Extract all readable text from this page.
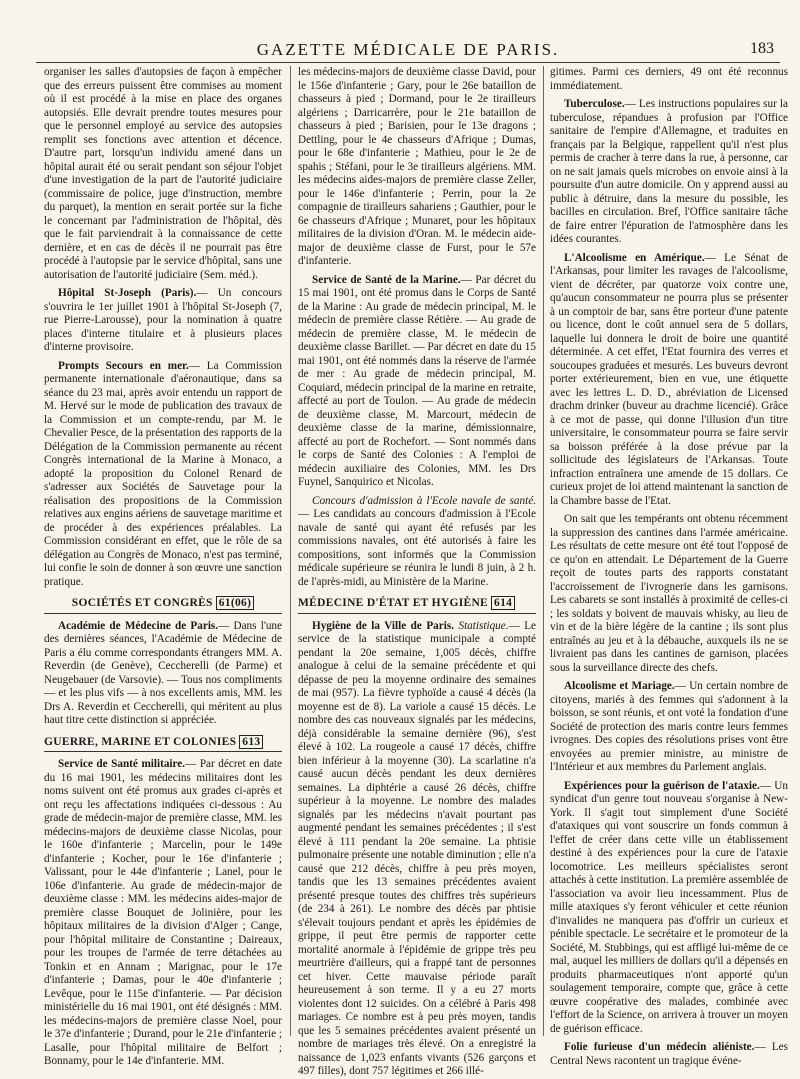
GAZETTE MÉDICALE DE PARIS.	183

organiser les salles d'autopsies de façon à empêcher que des erreurs puissent être commises au moment où il est procédé à la mise en place des organes autopsiés. Elle devrait prendre toutes mesures pour que le personnel employé au service des autopsies remplit ses fonctions avec attention et décence. D'autre part, lorsqu'un individu amené dans un hôpital aurait été ou serait pendant son séjour l'objet d'une investigation de la part de l'autorité judiciaire (commissaire de police, juge d'instruction, membre du parquet), la mention en serait portée sur la fiche le concernant par l'administration de l'hôpital, dès que le fait parviendrait à la connaissance de cette dernière, et en cas de décès il ne pourrait pas être procédé à l'autopsie par le service d'hôpital, sans une autorisation de l'autorité judiciaire (Sem. méd.).

Hôpital St-Joseph (Paris).— Un concours s'ouvrira le 1er juillet 1901 à l'hôpital St-Joseph (7, rue Pierre-Larousse), pour la nomination à quatre places d'interne titulaire et à plusieurs places d'interne provisoire.

Prompts Secours en mer.— La Commission permanente internationale d'aéronautique, dans sa séance du 23 mai, après avoir entendu un rapport de M. Hervé sur le mode de publication des travaux de la Commission et un compte-rendu, par M. le Chevalier Pesce, de la présentation des rapports de la Délégation de la Commission permanente au récent Congrès international de la Marine à Monaco, a adopté la proposition du Colonel Renard de s'adresser aux Sociétés de Sauvetage pour la réalisation des propositions de la Commission relatives aux engins aériens de sauvetage maritime et de procéder à des expériences préalables. La Commission considérant en effet, que le rôle de sa délégation au Congrès de Monaco, n'est pas terminé, lui confie le soin de donner à son œuvre une sanction pratique.

SOCIÉTÉS ET CONGRÈS 61(06)

Académie de Médecine de Paris.— Dans l'une des dernières séances, l'Académie de Médecine de Paris a élu comme correspondants étrangers MM. A. Reverdin (de Genève), Ceccherelli (de Parme) et Neugebauer (de Varsovie). — Tous nos compliments — et les plus vifs — à nos excellents amis, MM. les Drs A. Reverdin et Ceccherelli, qui méritent au plus haut titre cette distinction si appréciée.

GUERRE, MARINE ET COLONIES 613

Service de Santé militaire.— Par décret en date du 16 mai 1901, les médecins militaires dont les noms suivent ont été promus aux grades ci-après et ont reçu les affectations indiquées ci-dessous : Au grade de médecin-major de première classe, MM. les médecins-majors de deuxième classe Nicolas, pour le 160e d'infanterie ; Marcelin, pour le 149e d'infanterie ; Kocher, pour le 16e d'infanterie ; Valissant, pour le 44e d'infanterie ; Lanel, pour le 106e d'infanterie. Au grade de médecin-major de deuxième classe : MM. les médecins aides-major de première classe Bouquet de Jolinière, pour les hôpitaux militaires de la division d'Alger ; Cange, pour l'hôpital militaire de Constantine ; Daireaux, pour les troupes de l'armée de terre détachées au Tonkin et en Annam ; Marignac, pour le 17e d'infanterie ; Damas, pour le 40e d'infanterie ; Levêque, pour le 115e d'infanterie. — Par décision ministérielle du 16 mai 1901, ont été désignés : MM. les médecins-majors de première classe Noel, pour le 37e d'infanterie ; Durand, pour le 21e d'infanterie ; Lasalle, pour l'hôpital militaire de Belfort ; Bonnamy, pour le 14e d'infanterie. MM.

les médecins-majors de deuxième classe David, pour le 156e d'infanterie ; Gary, pour le 26e bataillon de chasseurs à pied ; Dormand, pour le 2e tirailleurs algériens ; Darricarrère, pour le 21e bataillon de chasseurs à pied ; Barisien, pour le 13e dragons ; Dettling, pour le 4e chasseurs d'Afrique ; Dumas, pour le 68e d'infanterie ; Mathieu, pour le 2e de spahis ; Stéfani, pour le 3e tirailleurs algériens. MM. les médecins aides-majors de première classe Zeller, pour le 146e d'infanterie ; Perrin, pour la 2e compagnie de tirailleurs sahariens ; Gauthier, pour le 6e chasseurs d'Afrique ; Munaret, pour les hôpitaux militaires de la division d'Oran. M. le médecin aide-major de deuxième classe de Furst, pour le 57e d'infanterie.

Service de Santé de la Marine.— Par décret du 15 mai 1901, ont été promus dans le Corps de Santé de la Marine : Au grade de médecin principal, M. le médecin de première classe Rétière. — Au grade de médecin de première classe, M. le médecin de deuxième classe Barillet. — Par décret en date du 15 mai 1901, ont été nommés dans la réserve de l'armée de mer : Au grade de médecin principal, M. Coquiard, médecin principal de la marine en retraite, affecté au port de Toulon. — Au grade de médecin de deuxième classe, M. Marcourt, médecin de deuxième classe de la marine, démissionnaire, affecté au port de Rochefort. — Sont nommés dans le corps de Santé des Colonies : A l'emploi de médecin auxiliaire des Colonies, MM. les Drs Fuynel, Sanquirico et Nicolas.

Concours d'admission à l'Ecole navale de santé.— Les candidats au concours d'admission à l'Ecole navale de santé qui ayant été refusés par les commissions navales, ont été autorisés à faire les compositions, sont informés que la Commission médicale supérieure se réunira le lundi 8 juin, à 2 h. de l'après-midi, au Ministère de la Marine.

MÉDECINE D'ÉTAT ET HYGIÈNE 614

Hygiène de la Ville de Paris. Statistique.— Le service de la statistique municipale a compté pendant la 20e semaine, 1,005 décès, chiffre analogue à celui de la semaine précédente et qui dépasse de peu la moyenne ordinaire des semaines de mai (957). La fièvre typhoïde a causé 4 décès (la moyenne est de 8). La variole a causé 15 décès. Le nombre des cas nouveaux signalés par les médecins, déjà considérable la semaine dernière (96), s'est élevé à 102. La rougeole a causé 17 décès, chiffre bien inférieur à la moyenne (30). La scarlatine n'a causé aucun décès pendant les deux dernières semaines. La diphtérie a causé 26 décès, chiffre supérieur à la moyenne. Le nombre des malades signalés par les médecins n'avait pourtant pas augmenté pendant les semaines précédentes ; il s'est élevé à 111 pendant la 20e semaine. La phtisie pulmonaire présente une notable diminution ; elle n'a causé que 212 décès, chiffre à peu près moyen, tandis que les 13 semaines précédentes avaient présenté presque toutes des chiffres très supérieurs (de 234 à 261). Le nombre des décès par phtisie s'élevait toujours pendant et après les épidémies de grippe, il peut être permis de rapporter cette mortalité anormale à l'épidémie de grippe très peu meurtrière d'ailleurs, qui a frappé tant de personnes cet hiver. Cette mauvaise période paraît heureusement à son terme. Il y a eu 27 morts violentes dont 12 suicides. On a célébré à Paris 498 mariages. Ce nombre est à peu près moyen, tandis que les 5 semaines précédentes avaient présenté un nombre de mariages très élevé. On a enregistré la naissance de 1,023 enfants vivants (526 garçons et 497 filles), dont 757 légitimes et 266 illé-

gitimes. Parmi ces derniers, 49 ont été reconnus immédiatement.

Tuberculose.— Les instructions populaires sur la tuberculose, répandues à profusion par l'Office sanitaire de l'empire d'Allemagne, et traduites en français par la Belgique, rappellent qu'il n'est plus permis de cracher à terre dans la rue, à personne, car on ne sait jamais quels microbes on envoie ainsi à la poursuite d'un autre domicile. On y apprend aussi au public à détruire, dans la mesure du possible, les bacilles en circulation. Bref, l'Office sanitaire tâche de faire entrer l'épuration de l'atmosphère dans les idées courantes.

L'Alcoolisme en Amérique.— Le Sénat de l'Arkansas, pour limiter les ravages de l'alcoolisme, vient de décréter, par quatorze voix contre une, qu'aucun consommateur ne pourra plus se présenter à un comptoir de bar, sans être porteur d'une patente ou licence, dont le coût annuel sera de 5 dollars, laquelle lui donnera le droit de boire une quantité déterminée. A cet effet, l'Etat fournira des verres et soucoupes graduées et mesurés. Les buveurs devront porter extérieurement, bien en vue, une étiquette avec les lettres L. D. D., abréviation de Licensed drachm drinker (buveur au drachme licencié). Grâce à ce mot de passe, qui donne l'illusion d'un titre universitaire, le consommateur pourra se faire servir sa boisson préférée à la dose prévue par la sollicitude des législateurs de l'Arkansas. Toute infraction entraînera une amende de 15 dollars. Ce curieux projet de loi attend maintenant la sanction de la Chambre basse de l'Etat.

On sait que les tempérants ont obtenu récemment la suppression des cantines dans l'armée américaine. Les résultats de cette mesure ont été tout l'opposé de ce qu'on en attendait. Le Département de la Guerre reçoit de toutes parts des rapports constatant l'accroissement de l'ivrognerie dans les garnisons. Les cabarets se sont installés à proximité de celles-ci ; les soldats y boivent de mauvais whisky, au lieu de vin et de la bière légère de la cantine ; ils sont plus entraînés au jeu et à la débauche, auxquels ils ne se livraient pas dans les cantines de garnison, placées sous la surveillance directe des chefs.

Alcoolisme et Mariage.— Un certain nombre de citoyens, mariés à des femmes qui s'adonnent à la boisson, se sont réunis, et ont voté la fondation d'une Société de protection des maris contre leurs femmes ivrognes. Des copies des résolutions prises vont être envoyées au premier ministre, au ministre de l'Intérieur et aux membres du Parlement anglais.

Expériences pour la guérison de l'ataxie.— Un syndicat d'un genre tout nouveau s'organise à New-York. Il s'agit tout simplement d'une Société d'ataxiques qui vont souscrire un fonds commun à l'effet de créer dans cette ville un établissement destiné à des expériences pour la cure de l'ataxie locomotrice. Les meilleurs spécialistes seront attachés à cette institution. La première assemblée de l'association va avoir lieu incessamment. Plus de mille ataxiques s'y feront véhiculer et cette réunion d'invalides ne manquera pas d'offrir un curieux et pénible spectacle. Le secrétaire et le promoteur de la Société, M. Stubbings, qui est affligé lui-même de ce mal, auquel les milliers de dollars qu'il a dépensés en produits pharmaceutiques n'ont apporté qu'un soulagement temporaire, compte que, grâce à cette œuvre coopérative des malades, combinée avec l'effort de la Science, on arrivera à trouver un moyen de guérison efficace.

Folie furieuse d'un médecin aliéniste.— Les Central News racontent un tragique événe-
